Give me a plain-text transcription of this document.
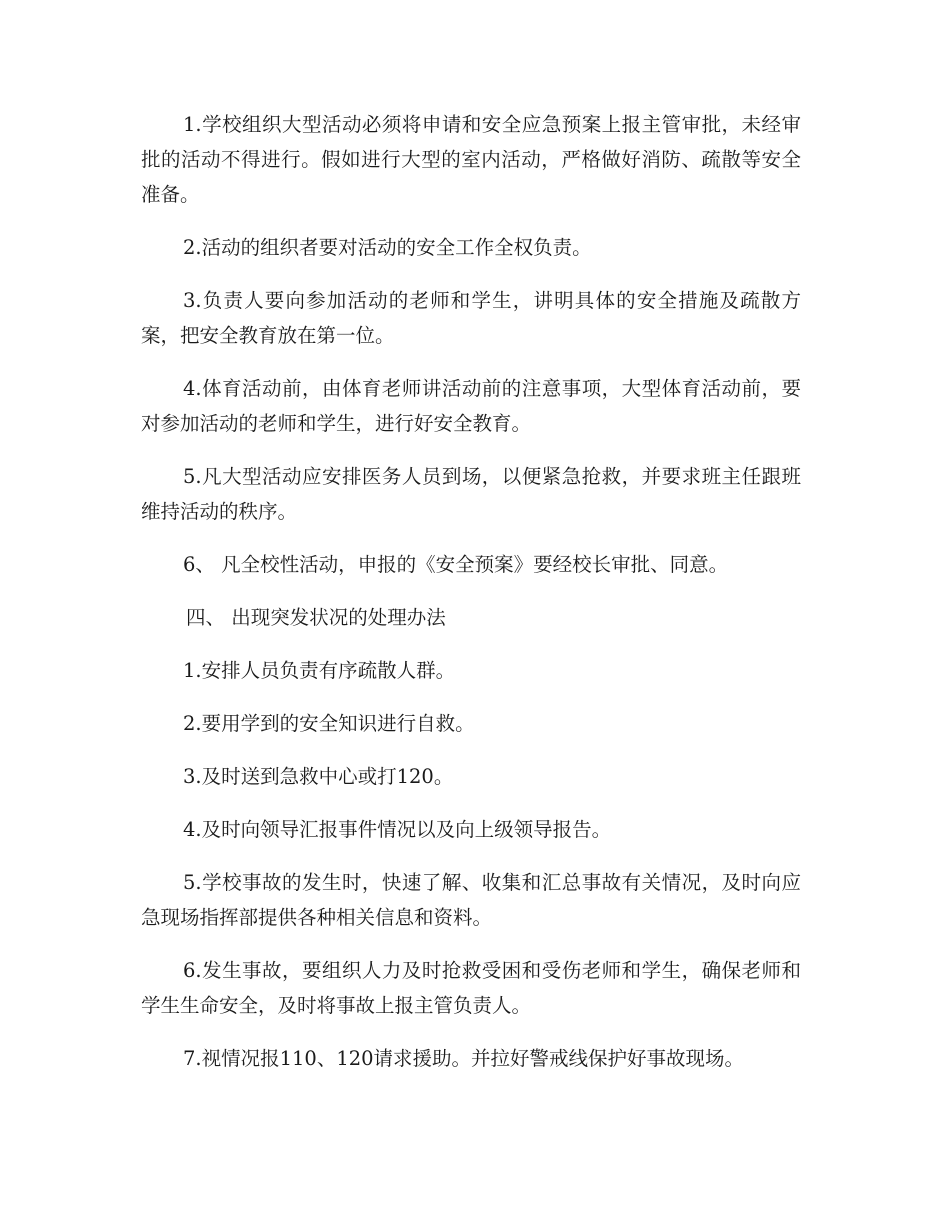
1.学校组织大型活动必须将申请和安全应急预案上报主管审批，未经审批的活动不得进行。假如进行大型的室内活动，严格做好消防、疏散等安全准备。

2.活动的组织者要对活动的安全工作全权负责。

3.负责人要向参加活动的老师和学生，讲明具体的安全措施及疏散方案，把安全教育放在第一位。

4.体育活动前，由体育老师讲活动前的注意事项，大型体育活动前，要对参加活动的老师和学生，进行好安全教育。

5.凡大型活动应安排医务人员到场，以便紧急抢救，并要求班主任跟班维持活动的秩序。

6、 凡全校性活动，申报的《安全预案》要经校长审批、同意。

四、 出现突发状况的处理办法

1.安排人员负责有序疏散人群。

2.要用学到的安全知识进行自救。

3.及时送到急救中心或打120。

4.及时向领导汇报事件情况以及向上级领导报告。

5.学校事故的发生时，快速了解、收集和汇总事故有关情况，及时向应急现场指挥部提供各种相关信息和资料。

6.发生事故，要组织人力及时抢救受困和受伤老师和学生，确保老师和学生生命安全，及时将事故上报主管负责人。

7.视情况报110、120请求援助。并拉好警戒线保护好事故现场。
